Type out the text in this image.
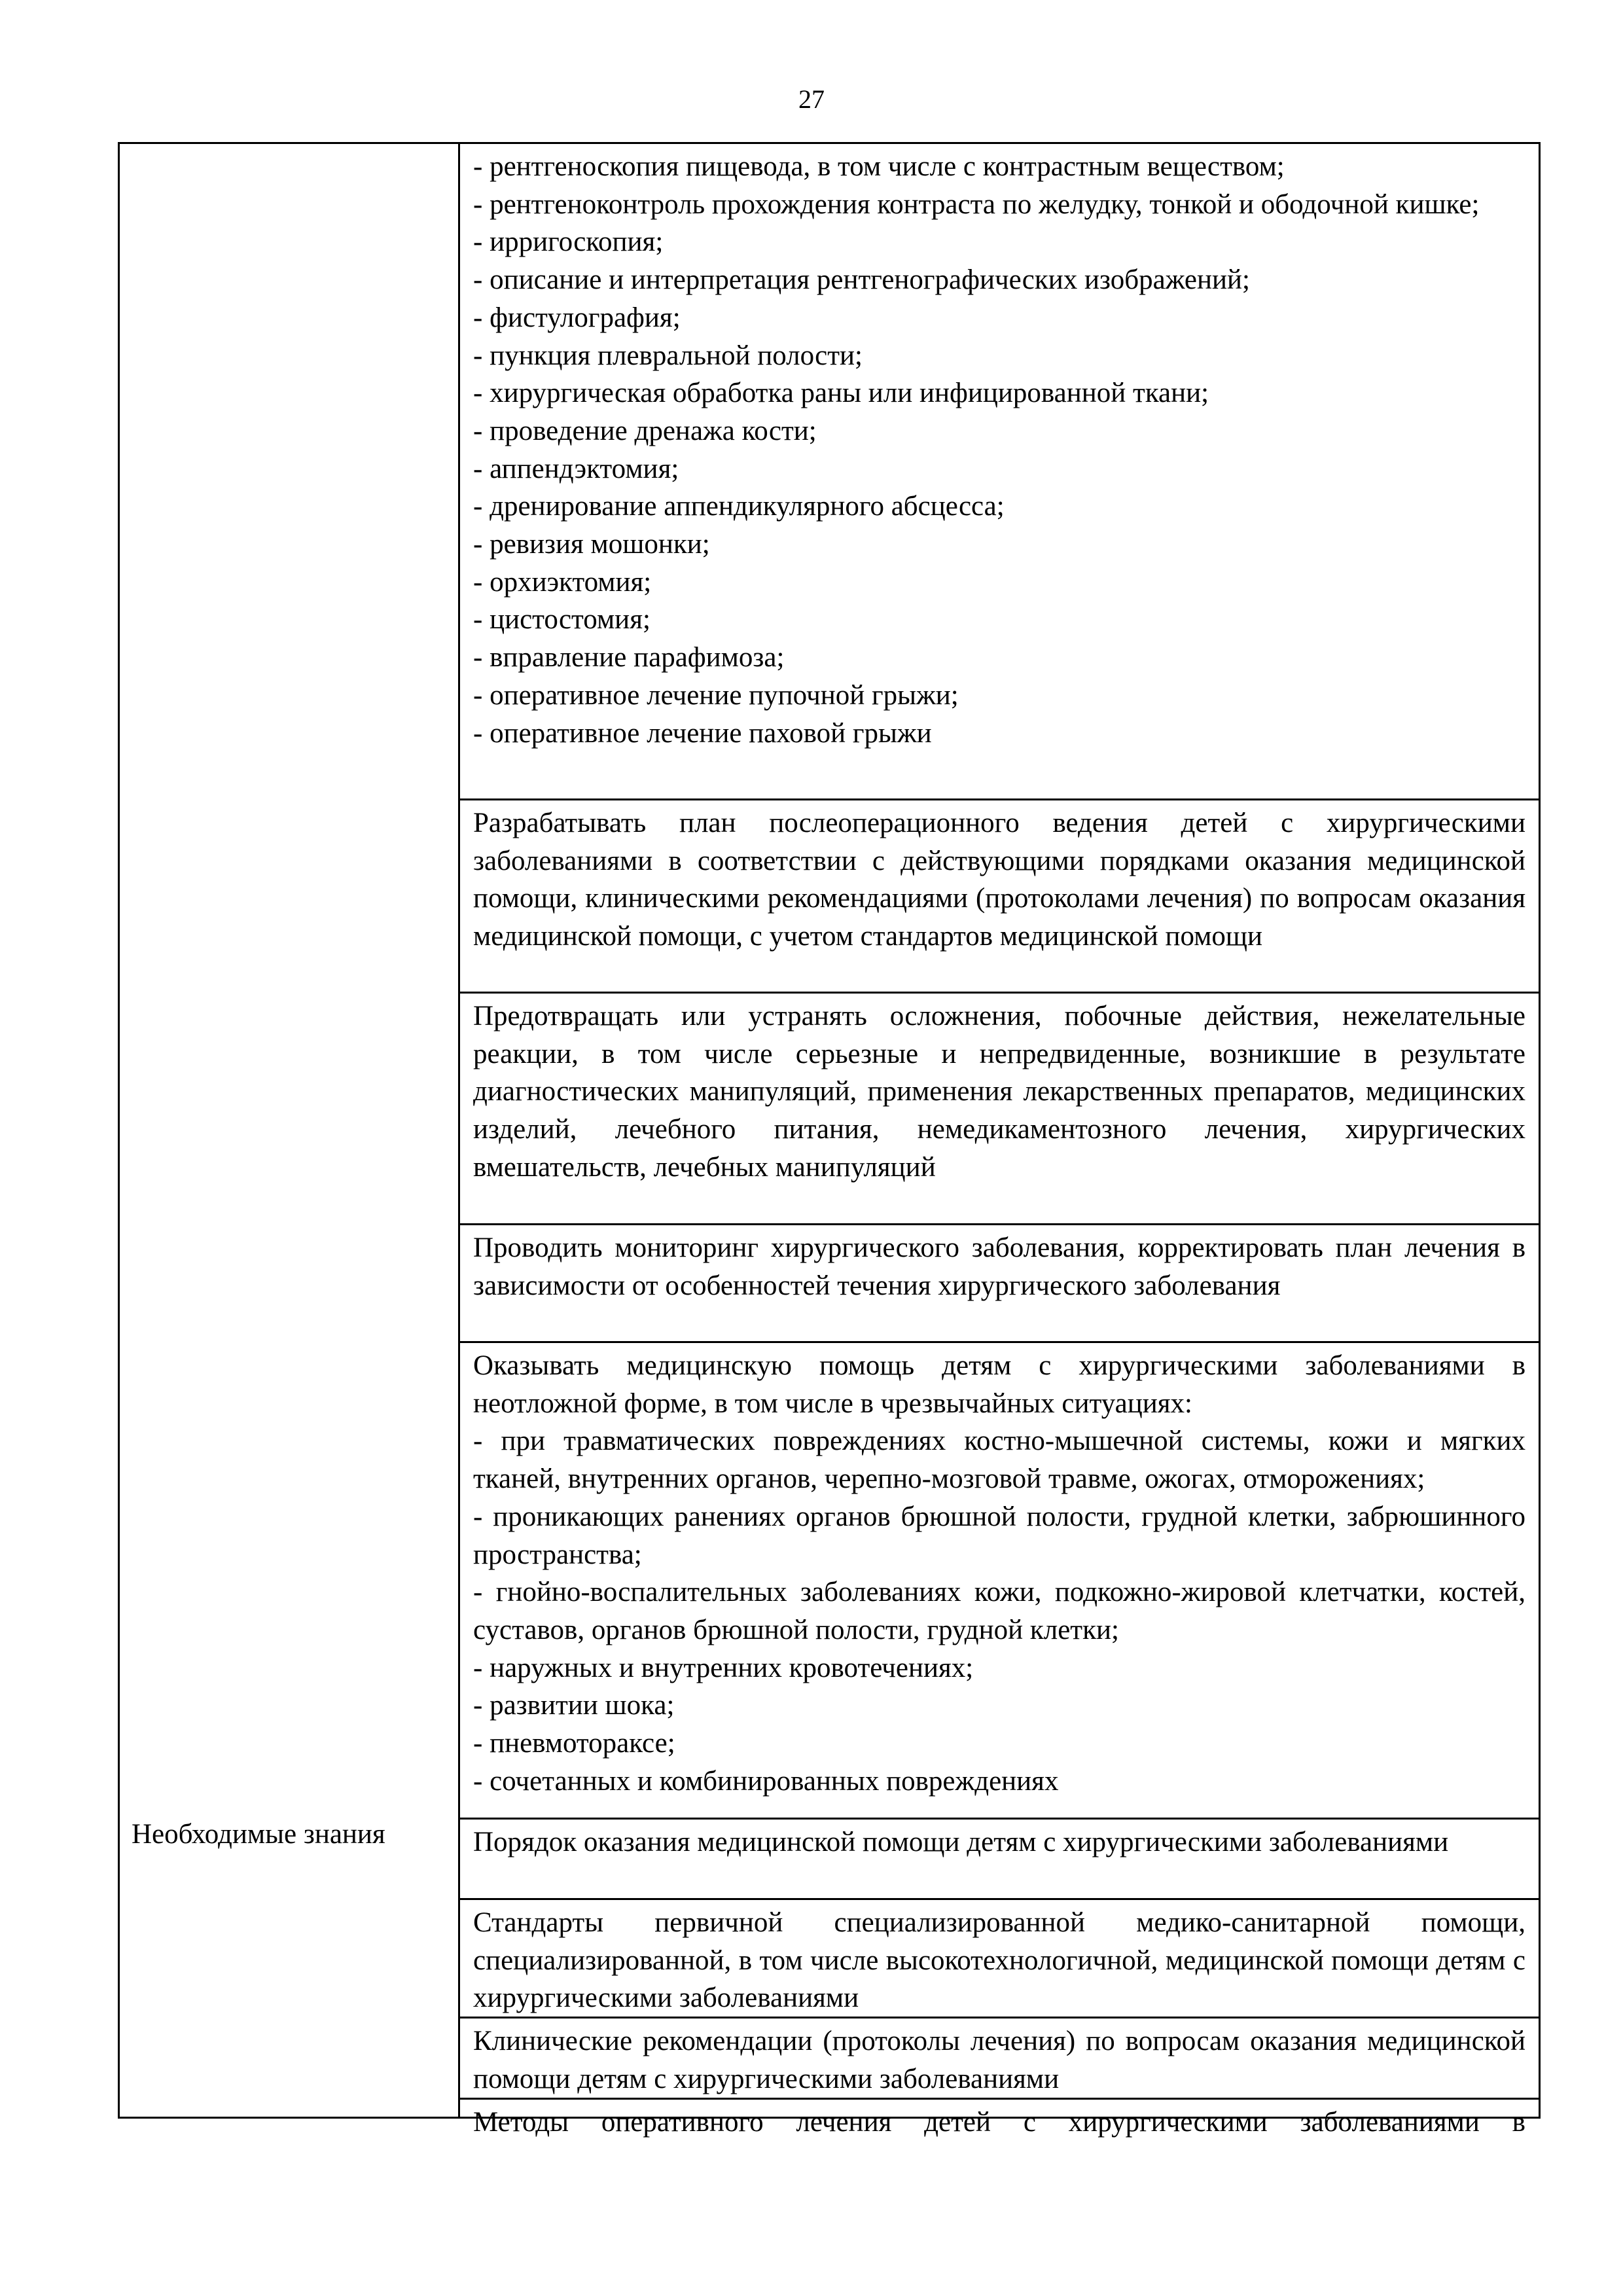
27
Необходимые знания

- рентгеноскопия пищевода, в том числе с контрастным веществом;

- рентгеноконтроль прохождения контраста по желудку, тонкой и ободочной кишке;

- ирригоскопия;

- описание и интерпретация рентгенографических изображений;

- фистулография;

- пункция плевральной полости;

- хирургическая обработка раны или инфицированной ткани;

- проведение дренажа кости;

- аппендэктомия;

- дренирование аппендикулярного абсцесса;

- ревизия мошонки;

- орхиэктомия;

- цистостомия;

- вправление парафимоза;

- оперативное лечение пупочной грыжи;

- оперативное лечение паховой грыжи

Разрабатывать план послеоперационного ведения детей с хирургическими заболеваниями в соответствии с действующими порядками оказания медицинской помощи, клиническими рекомендациями (протоколами лечения) по вопросам оказания медицинской помощи, с учетом стандартов медицинской помощи

Предотвращать или устранять осложнения, побочные действия, нежелательные реакции, в том числе серьезные и непредвиденные, возникшие в результате диагностических манипуляций, применения лекарственных препаратов, медицинских изделий, лечебного питания, немедикаментозного лечения, хирургических вмешательств, лечебных манипуляций

Проводить мониторинг хирургического заболевания, корректировать план лечения в зависимости от особенностей течения хирургического заболевания

Оказывать медицинскую помощь детям с хирургическими заболеваниями в неотложной форме, в том числе в чрезвычайных ситуациях:

- при травматических повреждениях костно-мышечной системы, кожи и мягких тканей, внутренних органов, черепно-мозговой травме, ожогах, отморожениях;

- проникающих ранениях органов брюшной полости, грудной клетки, забрюшинного пространства;

- гнойно-воспалительных заболеваниях кожи, подкожно-жировой клетчатки, костей, суставов, органов брюшной полости, грудной клетки;

- наружных и внутренних кровотечениях;

- развитии шока;

- пневмотораксе;

- сочетанных и комбинированных повреждениях

Порядок оказания медицинской помощи детям с хирургическими заболеваниями

Стандарты первичной специализированной медико-санитарной помощи, специализированной, в том числе высокотехнологичной, медицинской помощи детям с хирургическими заболеваниями

Клинические рекомендации (протоколы лечения) по вопросам оказания медицинской помощи детям с хирургическими заболеваниями

Методы оперативного лечения детей с хирургическими заболеваниями в
